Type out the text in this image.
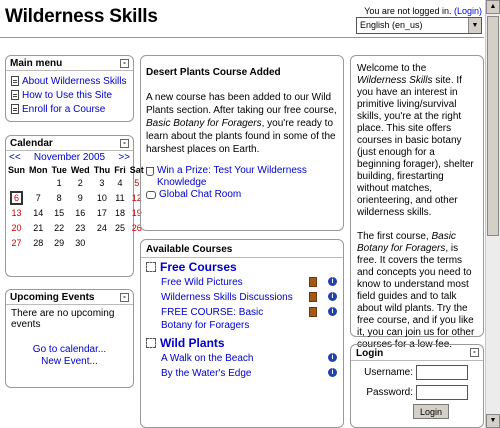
Wilderness Skills	You are not logged in. (Login)
English (en_us)	▼
Main menu	-
About Wilderness Skills
How to Use this Site
Enroll for a Course
Calendar	-
<< November 2005 >>
Sun	Mon	Tue	Wed	Thu	Fri	Sat
		1	2	3	4	5
6	7	8	9	10	11	12
13	14	15	16	17	18	19
20	21	22	23	24	25	26
27	28	29	30			
Upcoming Events	-
There are no upcoming events
Go to calendar...
New Event...
Desert Plants Course Added

A new course has been added to our Wild Plants section. After taking our free course, Basic Botany for Foragers, you're ready to learn about the plants found in some of the harshest places on Earth.

Win a Prize: Test Your Wilderness Knowledge
Global Chat Room
Available Courses
Free Courses
Free Wild Pictures	i
Wilderness Skills Discussions	i
FREE COURSE: Basic Botany for Foragers
i
Wild Plants
A Walk on the Beach	i
By the Water's Edge	i

Welcome to the Wilderness Skills site. If you have an interest in primitive living/survival skills, you're at the right place. This site offers courses in basic botany (just enough for a beginning forager), shelter building, firestarting without matches, orienteering, and other wilderness skills.

The first course, Basic Botany for Foragers, is free. It covers the terms and concepts you need to know to understand most field guides and to talk about wild plants. Try the free course, and if you like it, you can join us for other courses for a low fee.

Login	-
Username:
Password:
Login
▲
▼
